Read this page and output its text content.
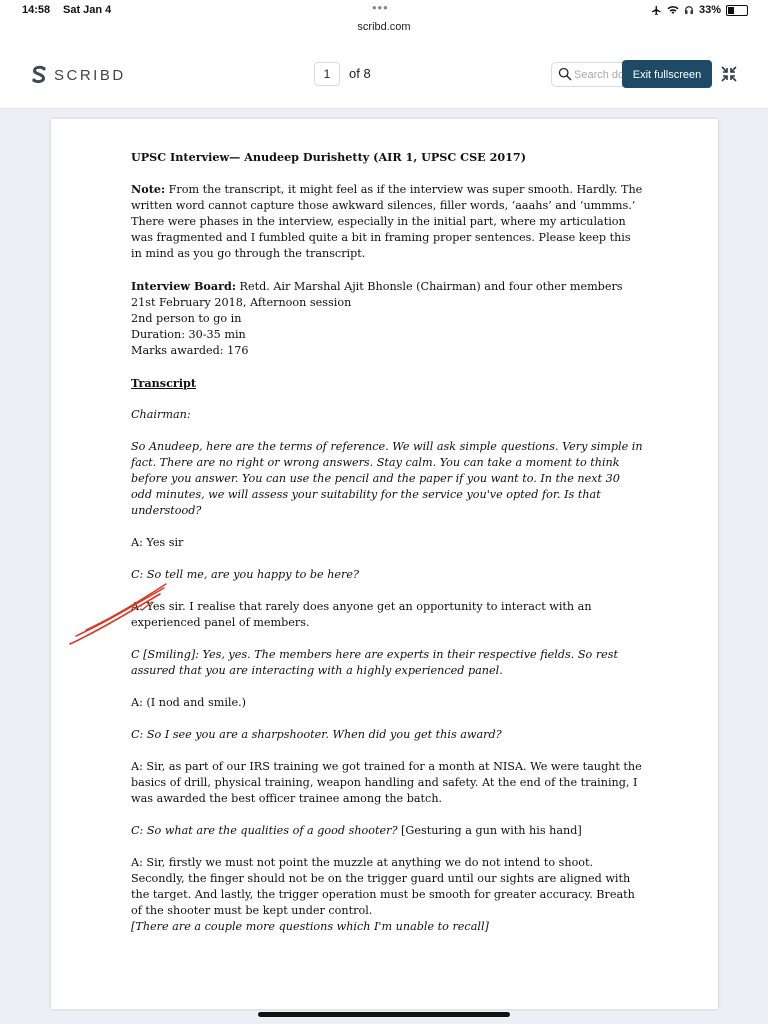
14:58 Sat Jan 4	•••	33%
scribd.com
SCRIBD	1	of 8
Search document	Exit fullscreen

UPSC Interview— Anudeep Durishetty (AIR 1, UPSC CSE 2017)

Note: From the transcript, it might feel as if the interview was super smooth. Hardly. The written word cannot capture those awkward silences, filler words, ‘aaahs’ and ‘ummms.’ There were phases in the interview, especially in the initial part, where my articulation was fragmented and I fumbled quite a bit in framing proper sentences. Please keep this in mind as you go through the transcript.

Interview Board: Retd. Air Marshal Ajit Bhonsle (Chairman) and four other members

21st February 2018, Afternoon session

2nd person to go in

Duration: 30-35 min

Marks awarded: 176

Transcript

Chairman:

So Anudeep, here are the terms of reference. We will ask simple questions. Very simple in fact. There are no right or wrong answers. Stay calm. You can take a moment to think before you answer. You can use the pencil and the paper if you want to. In the next 30 odd minutes, we will assess your suitability for the service you've opted for. Is that understood?

A: Yes sir

C: So tell me, are you happy to be here?

A: Yes sir. I realise that rarely does anyone get an opportunity to interact with an experienced panel of members.

C [Smiling]: Yes, yes. The members here are experts in their respective fields. So rest assured that you are interacting with a highly experienced panel.

A: (I nod and smile.)

C: So I see you are a sharpshooter. When did you get this award?

A: Sir, as part of our IRS training we got trained for a month at NISA. We were taught the basics of drill, physical training, weapon handling and safety. At the end of the training, I was awarded the best officer trainee among the batch.

C: So what are the qualities of a good shooter? [Gesturing a gun with his hand]

A: Sir, firstly we must not point the muzzle at anything we do not intend to shoot. Secondly, the finger should not be on the trigger guard until our sights are aligned with the target. And lastly, the trigger operation must be smooth for greater accuracy. Breath of the shooter must be kept under control.

[There are a couple more questions which I'm unable to recall]
